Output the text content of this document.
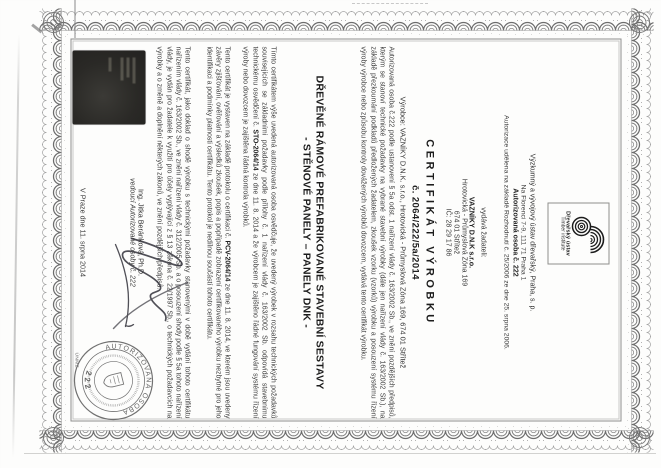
Dřevařský ústav
Timber institute
Výzkumný a vývojový ústav dřevařský, Praha, s. p.
Na Florenci 7-9, 111 71 Praha 1
Autorizovaná osoba č. 222
Autorizace udělena na základě Rozhodnutí č. 25/2006 ze dne 25. srpna 2006.
vydává žadateli:
VAZNÍKY D.N.K s.r.o.
Hrotovická - Průmyslová Zóna 169
674 01 Střítež
IČ: 28 29 17 86
CERTIFIKÁT VÝROBKU
č. 2064/222/5a/2014
Výrobce: VAZNÍKY D.N.K. s.r.o., Hrotovická - Průmyslová Zóna 169, 674 01 Střítež
Autorizovaná osoba č.222 podle ustanovení § 5a odst. 1 nařízení vlády č. 163/2002 Sb., ve znění pozdějších předpisů, kterým se stanoví technické požadavky na vybrané stavební výrobky (dále jen nařízení vlády č. 163/2002 Sb.), na základě přezkoumání podkladů předložených žadatelem, zkoušek vzorku (vzorků) výrobku a posouzení systému řízení výroby výrobce nebo způsobu kontroly dovážených výrobků dovozcem, vydává tento certifikát výrobku.
DŘEVĚNÉ RÁMOVÉ PREFABRIKOVANÉ STAVEBNÍ SESTAVY
- STĚNOVÉ PANELY – PANELY DNK -
Tímto certifikátem výše uvedená autorizovaná osoba osvědčuje, že uvedený výrobek v rozsahu technických požadavků souvisejících se základními požadavky podle přílohy č. 1 nařízení vlády č. 163/2002 Sb. odpovídá stavebnímu technickému osvědčení č. STO-2064/14 ze dne 11. 8. 2014 a že výrobcem je zajištěno řádné fungování systému řízení výroby nebo dovozcem je zajištěna řádná kontrola výrobků.
Tento certifikát je vystaven na základě protokolu o certifikaci č. PCV-2064/14 ze dne 11. 8. 2014, ve kterém jsou uvedeny závěry zjišťování, ověřování a výsledků zkoušek, popis a popřípadě zobrazení certifikovaného výrobku nezbytné pro jeho identifikaci a podmínky platnosti certifikátu. Tento protokol je nedílnou součástí tohoto certifikátu.
Tento certifikát, jako doklad o shodě výrobku s technickými požadavky stanovenými v době vydání tohoto certifikátu nařízením vlády č. 163/2002 Sb., ve znění nařízení vlády č. 312/2005 Sb. a o posouzení shody podle § 5a tohoto nařízení vlády, je vydán pro žadatele k využití pro účely vyplývající z § 13 zákona č. 22/1997 Sb., o technických požadavcích na výrobky a o změně a doplnění některých zákonů, ve znění pozdějších předpisů.
Ing. Jitka Beránková, Ph.D.
vedoucí Autorizované osoby č. 222
V Praze dne 11. srpna 2014
AUTORIZOVANÁ OSOBA
222
ÚNMZ
